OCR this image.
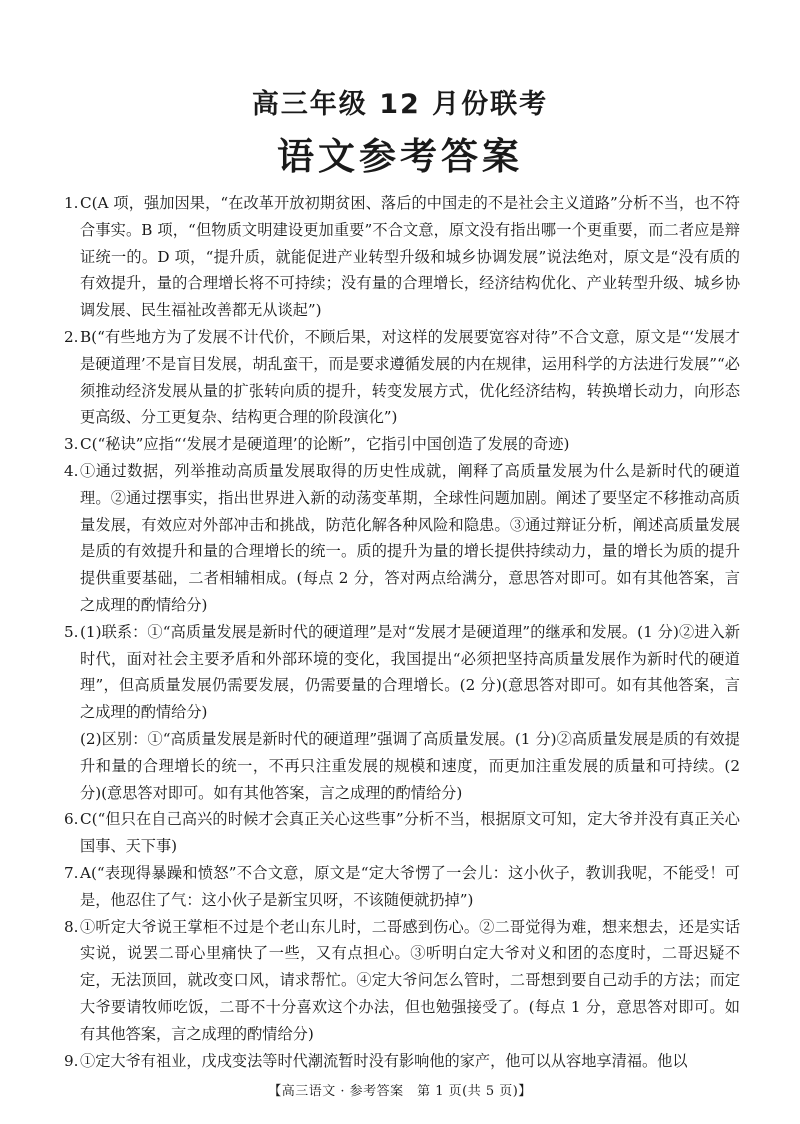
高三年级 12 月份联考
语文参考答案
1. C(A 项，强加因果，“在改革开放初期贫困、落后的中国走的不是社会主义道路”分析不当，也不符合事实。B 项，“但物质文明建设更加重要”不合文意，原文没有指出哪一个更重要，而二者应是辩证统一的。D 项，“提升质，就能促进产业转型升级和城乡协调发展”说法绝对，原文是“没有质的有效提升，量的合理增长将不可持续；没有量的合理增长，经济结构优化、产业转型升级、城乡协调发展、民生福祉改善都无从谈起”)
2. B(“有些地方为了发展不计代价，不顾后果，对这样的发展要宽容对待”不合文意，原文是“‘发展才是硬道理’不是盲目发展，胡乱蛮干，而是要求遵循发展的内在规律，运用科学的方法进行发展”“必须推动经济发展从量的扩张转向质的提升，转变发展方式，优化经济结构，转换增长动力，向形态更高级、分工更复杂、结构更合理的阶段演化”)
3. C(“秘诀”应指“‘发展才是硬道理’的论断”，它指引中国创造了发展的奇迹)
4. ①通过数据，列举推动高质量发展取得的历史性成就，阐释了高质量发展为什么是新时代的硬道理。②通过摆事实，指出世界进入新的动荡变革期，全球性问题加剧。阐述了要坚定不移推动高质量发展，有效应对外部冲击和挑战，防范化解各种风险和隐患。③通过辩证分析，阐述高质量发展是质的有效提升和量的合理增长的统一。质的提升为量的增长提供持续动力，量的增长为质的提升提供重要基础，二者相辅相成。(每点 2 分，答对两点给满分，意思答对即可。如有其他答案，言之成理的酌情给分)
5. (1)联系：①“高质量发展是新时代的硬道理”是对“发展才是硬道理”的继承和发展。(1 分)②进入新时代，面对社会主要矛盾和外部环境的变化，我国提出“必须把坚持高质量发展作为新时代的硬道理”，但高质量发展仍需要发展，仍需要量的合理增长。(2 分)(意思答对即可。如有其他答案，言之成理的酌情给分)
(2)区别：①“高质量发展是新时代的硬道理”强调了高质量发展。(1 分)②高质量发展是质的有效提升和量的合理增长的统一，不再只注重发展的规模和速度，而更加注重发展的质量和可持续。(2 分)(意思答对即可。如有其他答案，言之成理的酌情给分)
6. C(“但只在自己高兴的时候才会真正关心这些事”分析不当，根据原文可知，定大爷并没有真正关心国事、天下事)
7. A(“表现得暴躁和愤怒”不合文意，原文是“定大爷愣了一会儿：这小伙子，教训我呢，不能受！可是，他忍住了气：这小伙子是新宝贝呀，不该随便就扔掉”)
8. ①听定大爷说王掌柜不过是个老山东儿时，二哥感到伤心。②二哥觉得为难，想来想去，还是实话实说，说罢二哥心里痛快了一些，又有点担心。③听明白定大爷对义和团的态度时，二哥迟疑不定，无法顶回，就改变口风，请求帮忙。④定大爷问怎么管时，二哥想到要自己动手的方法；而定大爷要请牧师吃饭，二哥不十分喜欢这个办法，但也勉强接受了。(每点 1 分，意思答对即可。如有其他答案，言之成理的酌情给分)
9. ①定大爷有祖业，戊戌变法等时代潮流暂时没有影响他的家产，他可以从容地享清福。他以
【高三语文 · 参考答案　第 1 页(共 5 页)】
